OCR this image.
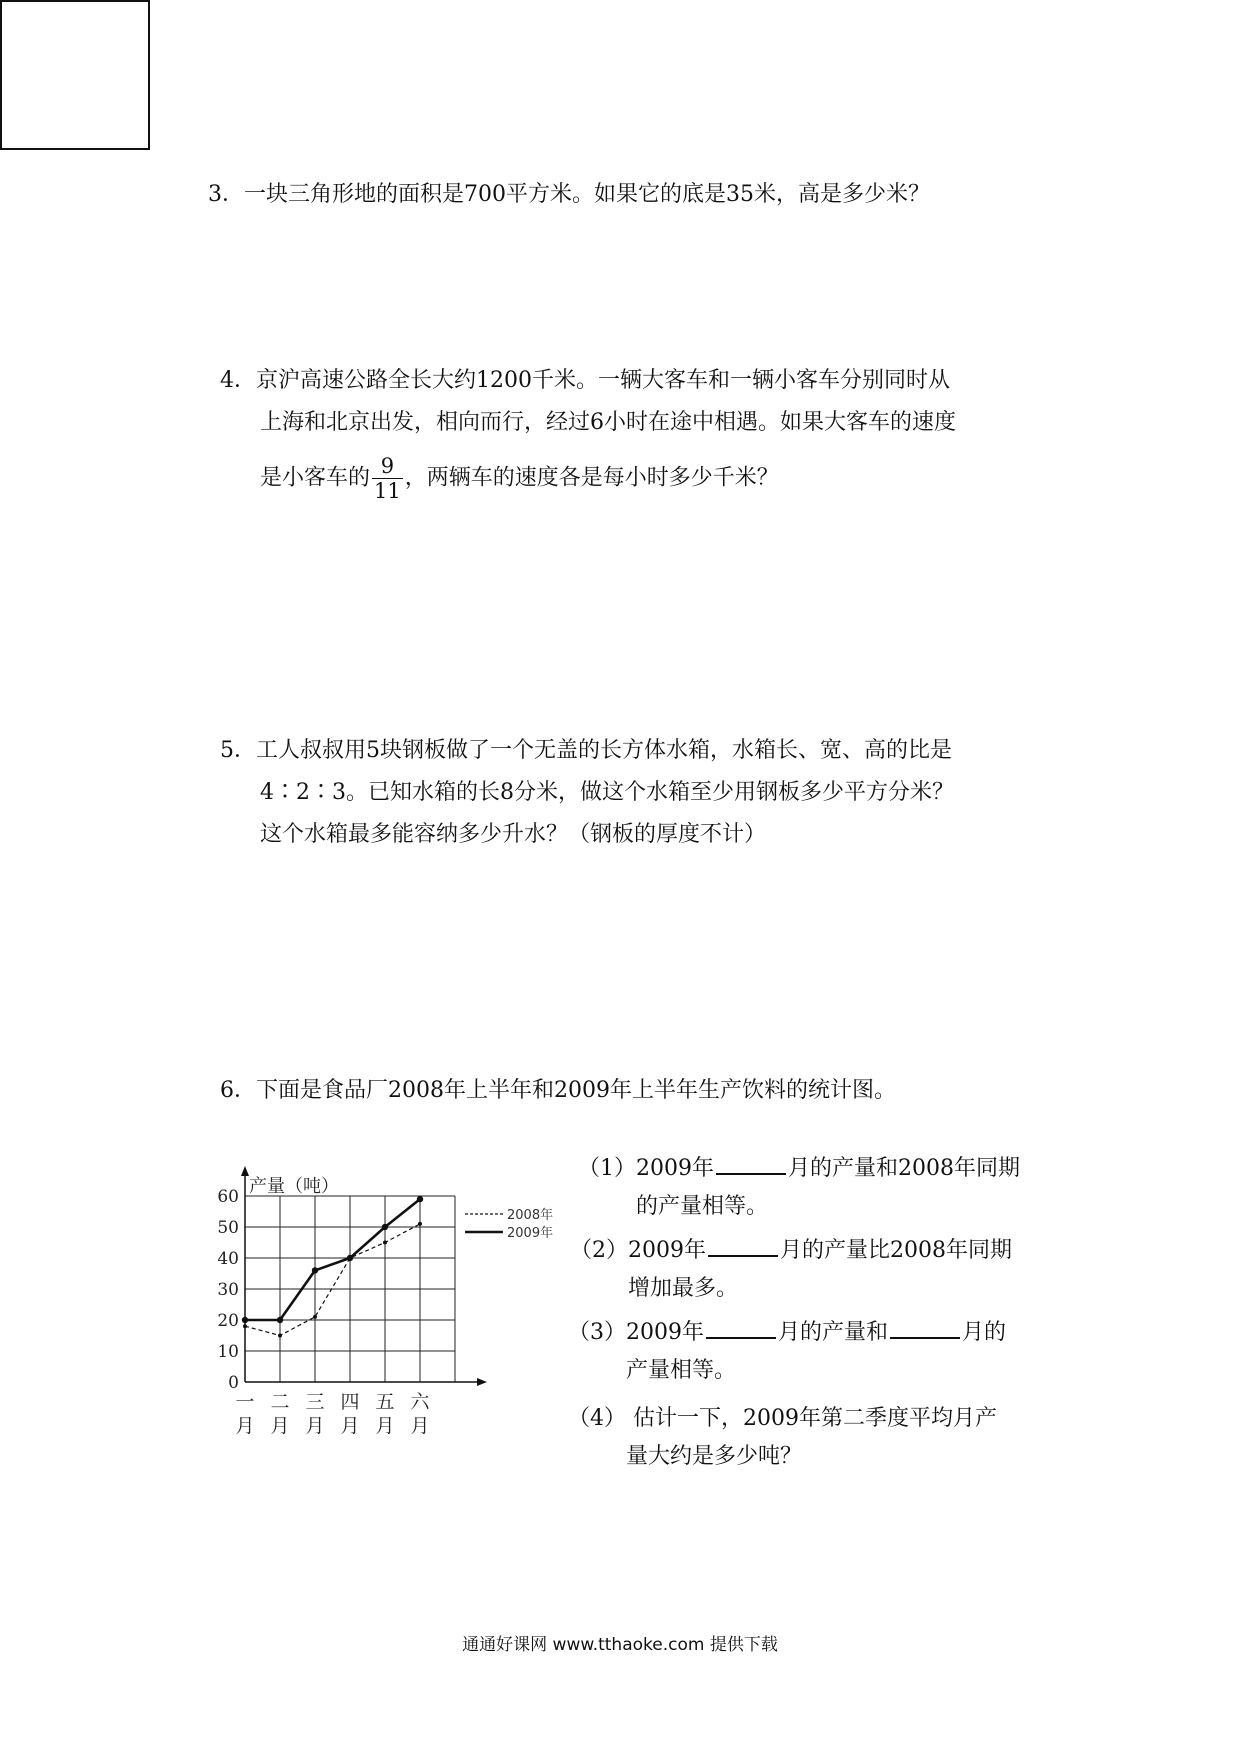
3．一块三角形地的面积是700平方米。如果它的底是35米，高是多少米？
4．京沪高速公路全长大约1200千米。一辆大客车和一辆小客车分别同时从
上海和北京出发，相向而行，经过6小时在途中相遇。如果大客车的速度
是小客车的 $\frac{9}{11}$ ，两辆车的速度各是每小时多少千米？
5．工人叔叔用5块钢板做了一个无盖的长方体水箱，水箱长、宽、高的比是
4∶2∶3。已知水箱的长8分米，做这个水箱至少用钢板多少平方分米？
这个水箱最多能容纳多少升水？（钢板的厚度不计）
6．下面是食品厂2008年上半年和2009年上半年生产饮料的统计图。
0
10
20
30
40
50
60 产量（吨）
一
月
二
月
三
月
四
月
五
月
六
月
2008年
2009年
（1）2009年	月的产量和2008年同期
的产量相等。
（2）2009年	月的产量比2008年同期
增加最多。
（3）2009年	月的产量和	月的
产量相等。
（4） 估计一下，2009年第二季度平均月产
量大约是多少吨？
通通好课网 www.tthaoke.com 提供下载
